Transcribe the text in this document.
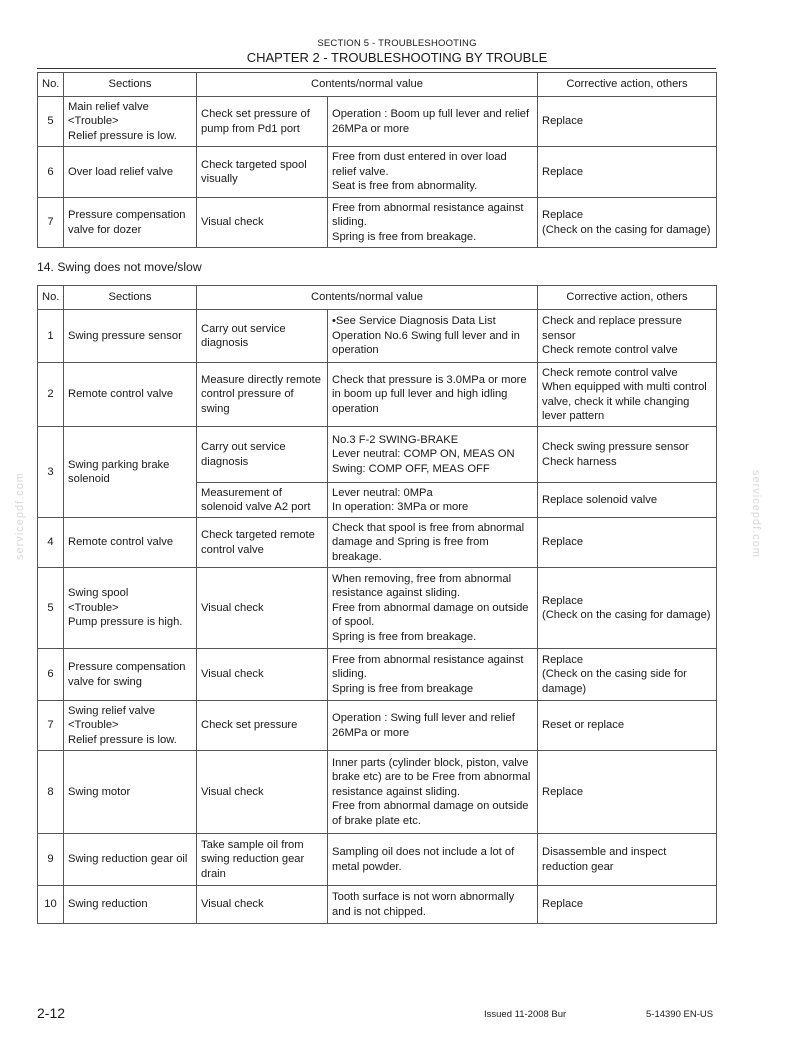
SECTION 5 - TROUBLESHOOTING
CHAPTER 2 - TROUBLESHOOTING BY TROUBLE
No.	Sections	Contents/normal value		Corrective action, others
5	Main relief valve
<Trouble>
Relief pressure is low.	Check set pressure of pump from Pd1 port	Operation : Boom up full lever and relief 26MPa or more	Replace
6	Over load relief valve	Check targeted spool visually	Free from dust entered in over load relief valve.
Seat is free from abnormality.	Replace
7	Pressure compensation valve for dozer	Visual check	Free from abnormal resistance against sliding.
Spring is free from breakage.	Replace
(Check on the casing for damage)
14. Swing does not move/slow
No.	Sections	Contents/normal value		Corrective action, others
1	Swing pressure sensor	Carry out service diagnosis	•See Service Diagnosis Data List Operation No.6 Swing full lever and in operation	Check and replace pressure sensor
Check remote control valve
2	Remote control valve	Measure directly remote control pressure of swing	Check that pressure is 3.0MPa or more in boom up full lever and high idling operation	Check remote control valve
When equipped with multi control valve, check it while changing lever pattern
3	Swing parking brake solenoid	Carry out service diagnosis	No.3 F-2 SWING-BRAKE
Lever neutral: COMP ON, MEAS ON
Swing: COMP OFF, MEAS OFF	Check swing pressure sensor
Check harness
		Measurement of solenoid valve A2 port	Lever neutral: 0MPa
In operation: 3MPa or more	Replace solenoid valve
4	Remote control valve	Check targeted remote control valve	Check that spool is free from abnormal damage and Spring is free from breakage.	Replace
5	Swing spool
<Trouble>
Pump pressure is high.	Visual check	When removing, free from abnormal resistance against sliding.
Free from abnormal damage on outside of spool.
Spring is free from breakage.	Replace
(Check on the casing for damage)
6	Pressure compensation valve for swing	Visual check	Free from abnormal resistance against sliding.
Spring is free from breakage	Replace
(Check on the casing side for damage)
7	Swing relief valve
<Trouble>
Relief pressure is low.	Check set pressure	Operation : Swing full lever and relief 26MPa or more	Reset or replace
8	Swing motor	Visual check	Inner parts (cylinder block, piston, valve brake etc) are to be Free from abnormal resistance against sliding.
Free from abnormal damage on outside of brake plate etc.	Replace
9	Swing reduction gear oil	Take sample oil from swing reduction gear drain	Sampling oil does not include a lot of metal powder.	Disassemble and inspect reduction gear
10	Swing reduction	Visual check	Tooth surface is not worn abnormally and is not chipped.	Replace
servicepdf.com	servicepdf.com
2-12	Issued 11-2008 Bur	5-14390 EN-US
